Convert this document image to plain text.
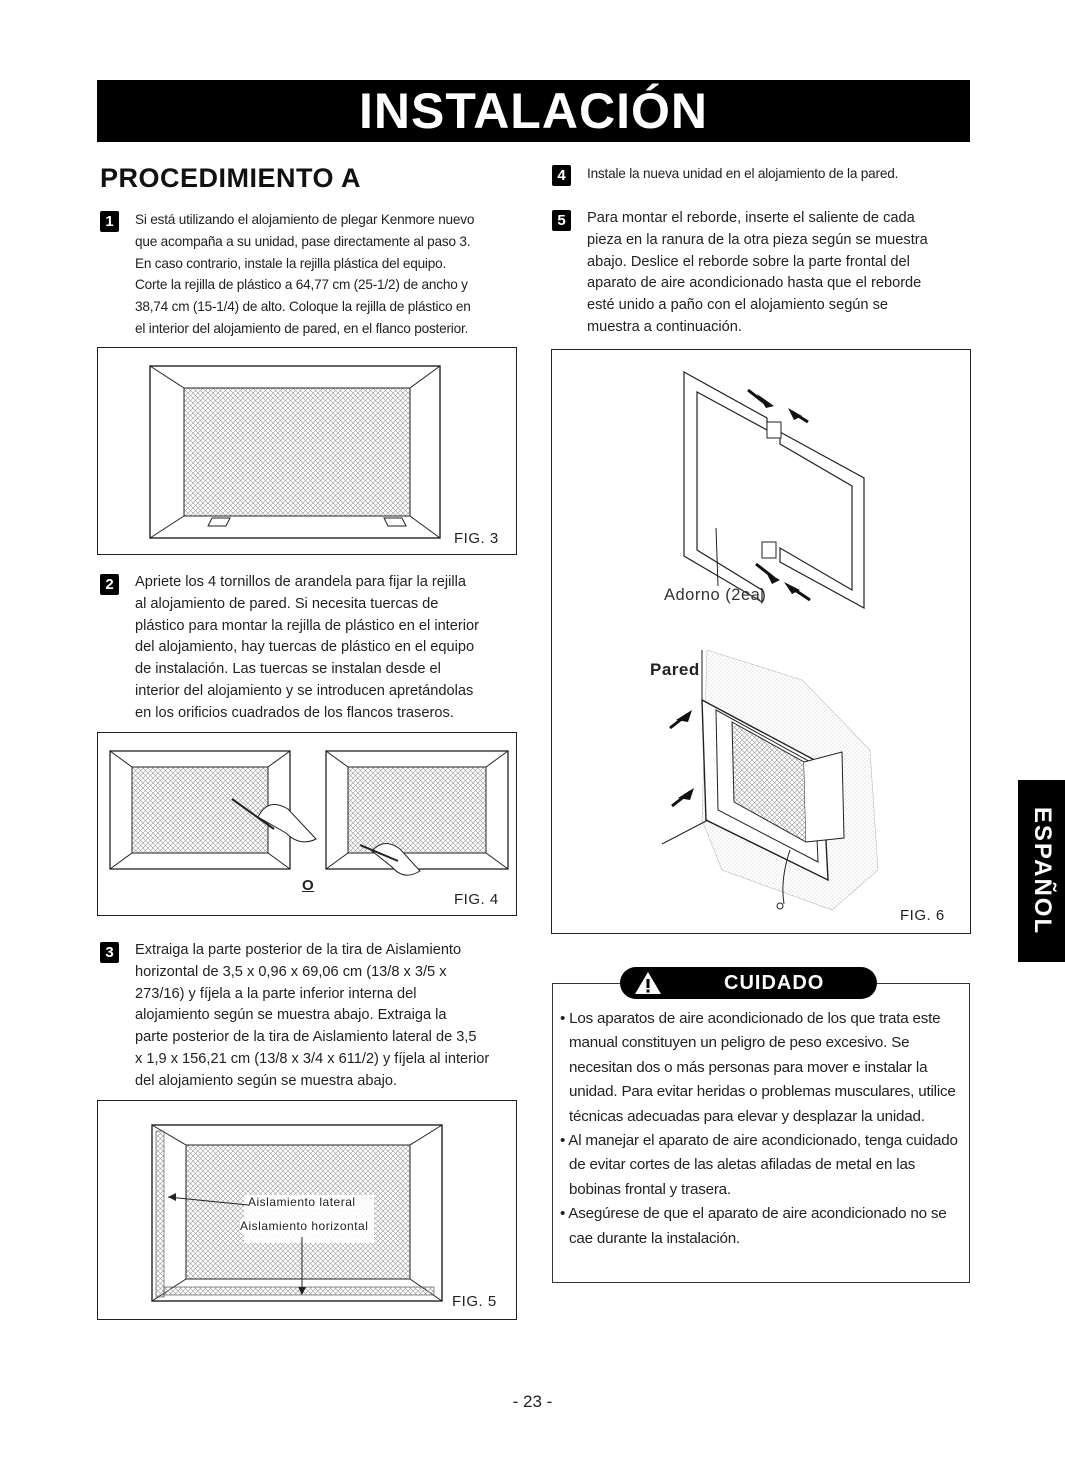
INSTALACIÓN
PROCEDIMIENTO A
1	Si está utilizando el alojamiento de plegar Kenmore nuevo
que acompaña a su unidad, pase directamente al paso 3.
En caso contrario, instale la rejilla plástica del equipo.
Corte la rejilla de plástico a 64,77 cm (25-1/2) de ancho y
38,74 cm (15-1/4) de alto. Coloque la rejilla de plástico en
el interior del alojamiento de pared, en el flanco posterior.
FIG. 3
2	Apriete los 4 tornillos de arandela para fijar la rejilla
al alojamiento de pared. Si necesita tuercas de
plástico para montar la rejilla de plástico en el interior
del alojamiento, hay tuercas de plástico en el equipo
de instalación. Las tuercas se instalan desde el
interior del alojamiento y se introducen apretándolas
en los orificios cuadrados de los flancos traseros.
O
FIG. 4
3	Extraiga la parte posterior de la tira de Aislamiento
horizontal de 3,5 x 0,96 x 69,06 cm (13/8 x 3/5 x
273/16) y fíjela a la parte inferior interna del
alojamiento según se muestra abajo. Extraiga la
parte posterior de la tira de Aislamiento lateral de 3,5
x 1,9 x 156,21 cm (13/8 x 3/4 x 611/2) y fíjela al interior
del alojamiento según se muestra abajo.
Aislamiento lateral
Aislamiento horizontal
FIG. 5
4	Instale la nueva unidad en el alojamiento de la pared.
5	Para montar el reborde, inserte el saliente de cada
pieza en la ranura de la otra pieza según se muestra
abajo. Deslice el reborde sobre la parte frontal del
aparato de aire acondicionado hasta que el reborde
esté unido a paño con el alojamiento según se
muestra a continuación.
Adorno (2ea)
Pared
FIG. 6
CUIDADO
• Los aparatos de aire acondicionado de los que trata este manual constituyen un peligro de peso excesivo. Se necesitan dos o más personas para mover e instalar la unidad. Para evitar heridas o problemas musculares, utilice técnicas adecuadas para elevar y desplazar la unidad.
• Al manejar el aparato de aire acondicionado, tenga cuidado de evitar cortes de las aletas afiladas de metal en las bobinas frontal y trasera.
• Asegúrese de que el aparato de aire acondicionado no se cae durante la instalación.
ESPAÑOL
- 23 -
